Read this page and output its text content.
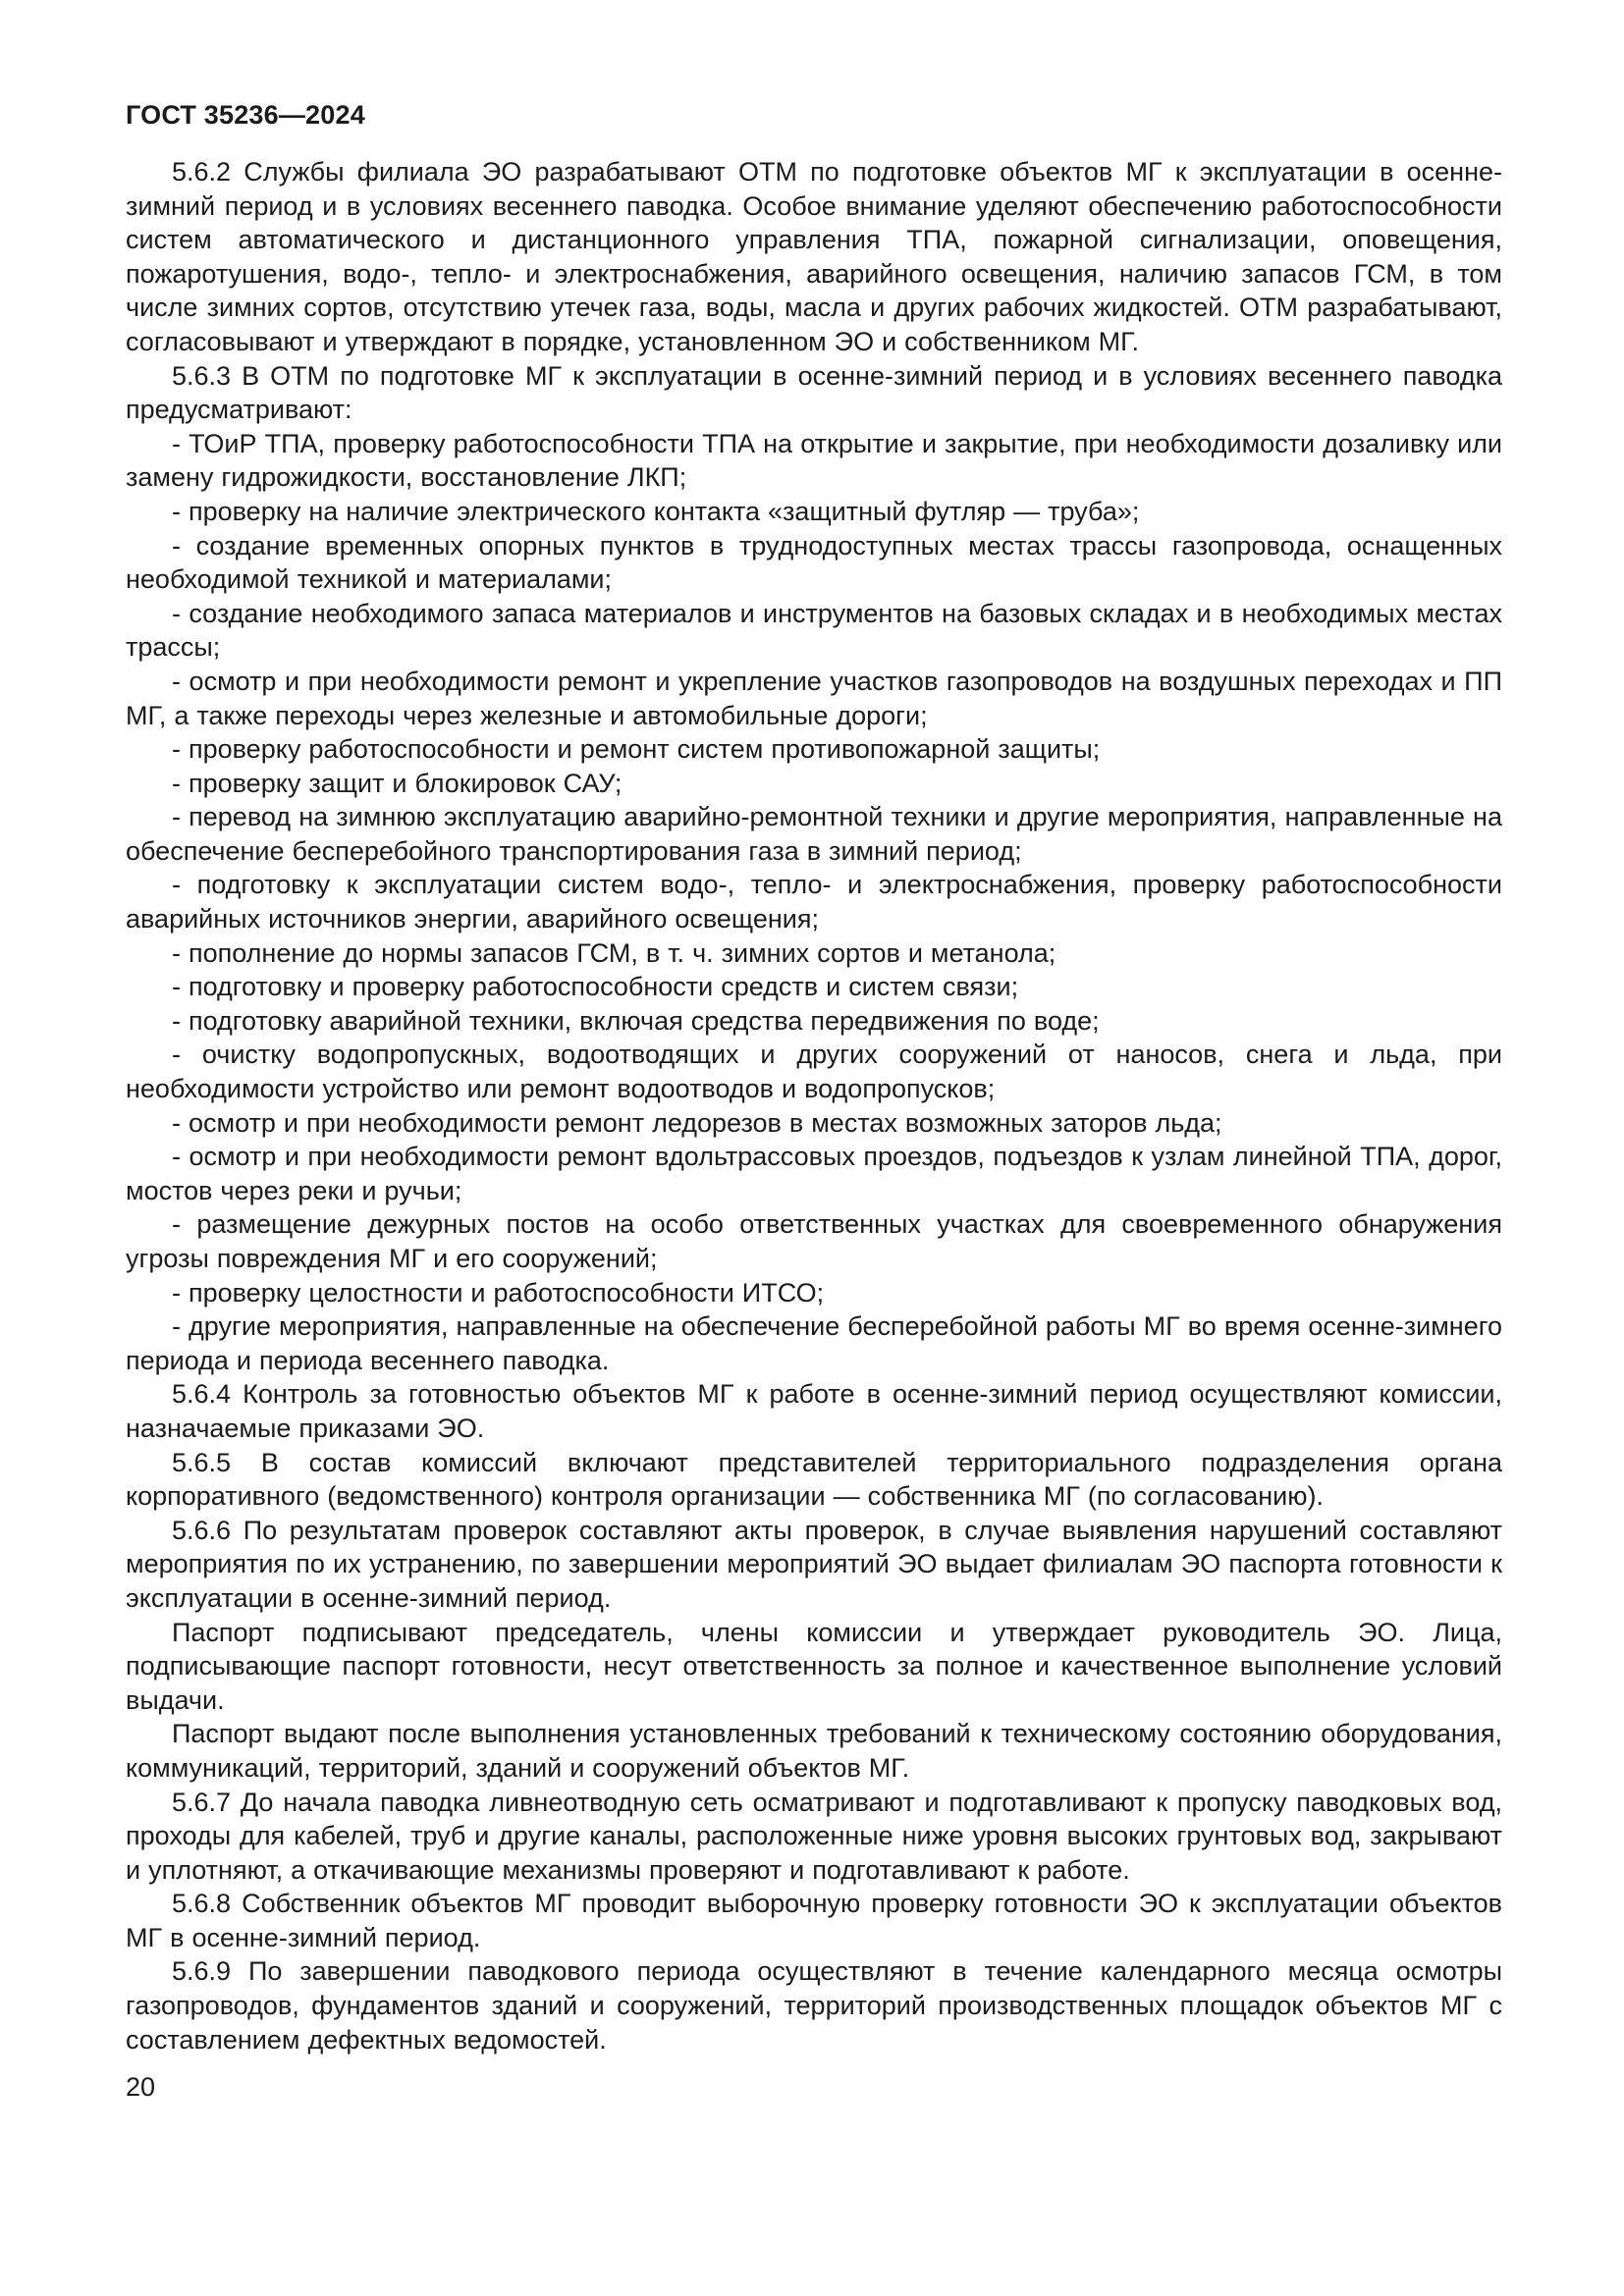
ГОСТ 35236—2024

5.6.2 Службы филиала ЭО разрабатывают ОТМ по подготовке объектов МГ к эксплуатации в осенне-зимний период и в условиях весеннего паводка. Особое внимание уделяют обеспечению работоспособности систем автоматического и дистанционного управления ТПА, пожарной сигнализации, оповещения, пожаротушения, водо-, тепло- и электроснабжения, аварийного освещения, наличию запасов ГСМ, в том числе зимних сортов, отсутствию утечек газа, воды, масла и других рабочих жидкостей. ОТМ разрабатывают, согласовывают и утверждают в порядке, установленном ЭО и собственником МГ.

5.6.3 В ОТМ по подготовке МГ к эксплуатации в осенне-зимний период и в условиях весеннего паводка предусматривают:

- ТОиР ТПА, проверку работоспособности ТПА на открытие и закрытие, при необходимости дозаливку или замену гидрожидкости, восстановление ЛКП;

- проверку на наличие электрического контакта «защитный футляр — труба»;

- создание временных опорных пунктов в труднодоступных местах трассы газопровода, оснащенных необходимой техникой и материалами;

- создание необходимого запаса материалов и инструментов на базовых складах и в необходимых местах трассы;

- осмотр и при необходимости ремонт и укрепление участков газопроводов на воздушных переходах и ПП МГ, а также переходы через железные и автомобильные дороги;

- проверку работоспособности и ремонт систем противопожарной защиты;

- проверку защит и блокировок САУ;

- перевод на зимнюю эксплуатацию аварийно-ремонтной техники и другие мероприятия, направленные на обеспечение бесперебойного транспортирования газа в зимний период;

- подготовку к эксплуатации систем водо-, тепло- и электроснабжения, проверку работоспособности аварийных источников энергии, аварийного освещения;

- пополнение до нормы запасов ГСМ, в т. ч. зимних сортов и метанола;

- подготовку и проверку работоспособности средств и систем связи;

- подготовку аварийной техники, включая средства передвижения по воде;

- очистку водопропускных, водоотводящих и других сооружений от наносов, снега и льда, при необходимости устройство или ремонт водоотводов и водопропусков;

- осмотр и при необходимости ремонт ледорезов в местах возможных заторов льда;

- осмотр и при необходимости ремонт вдольтрассовых проездов, подъездов к узлам линейной ТПА, дорог, мостов через реки и ручьи;

- размещение дежурных постов на особо ответственных участках для своевременного обнаружения угрозы повреждения МГ и его сооружений;

- проверку целостности и работоспособности ИТСО;

- другие мероприятия, направленные на обеспечение бесперебойной работы МГ во время осенне-зимнего периода и периода весеннего паводка.

5.6.4 Контроль за готовностью объектов МГ к работе в осенне-зимний период осуществляют комиссии, назначаемые приказами ЭО.

5.6.5 В состав комиссий включают представителей территориального подразделения органа корпоративного (ведомственного) контроля организации — собственника МГ (по согласованию).

5.6.6 По результатам проверок составляют акты проверок, в случае выявления нарушений составляют мероприятия по их устранению, по завершении мероприятий ЭО выдает филиалам ЭО паспорта готовности к эксплуатации в осенне-зимний период.

Паспорт подписывают председатель, члены комиссии и утверждает руководитель ЭО. Лица, подписывающие паспорт готовности, несут ответственность за полное и качественное выполнение условий выдачи.

Паспорт выдают после выполнения установленных требований к техническому состоянию оборудования, коммуникаций, территорий, зданий и сооружений объектов МГ.

5.6.7 До начала паводка ливнеотводную сеть осматривают и подготавливают к пропуску паводковых вод, проходы для кабелей, труб и другие каналы, расположенные ниже уровня высоких грунтовых вод, закрывают и уплотняют, а откачивающие механизмы проверяют и подготавливают к работе.

5.6.8 Собственник объектов МГ проводит выборочную проверку готовности ЭО к эксплуатации объектов МГ в осенне-зимний период.

5.6.9 По завершении паводкового периода осуществляют в течение календарного месяца осмотры газопроводов, фундаментов зданий и сооружений, территорий производственных площадок объектов МГ с составлением дефектных ведомостей.

20
